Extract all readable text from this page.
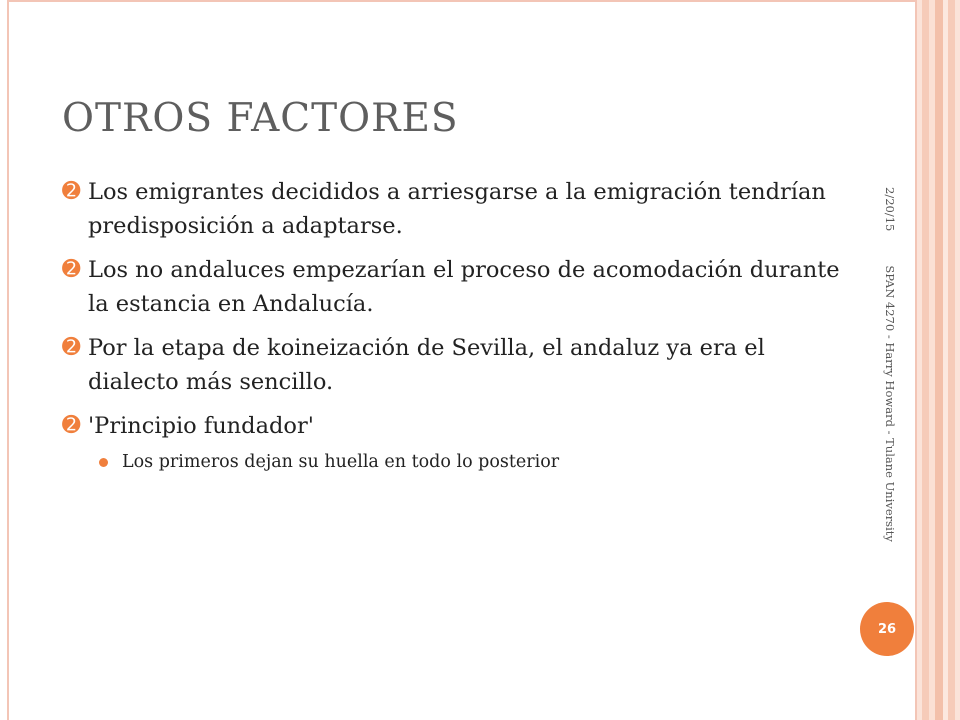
OTROS FACTORES
➋ Los emigrantes decididos a arriesgarse a la emigración tendrían predisposición a adaptarse.
➋ Los no andaluces empezarían el proceso de acomodación durante la estancia en Andalucía.
➋ Por la etapa de koineización de Sevilla, el andaluz ya era el dialecto más sencillo.
➋ 'Principio fundador'
Los primeros dejan su huella en todo lo posterior
2/20/15SPAN 4270 - Harry Howard - Tulane University
26
